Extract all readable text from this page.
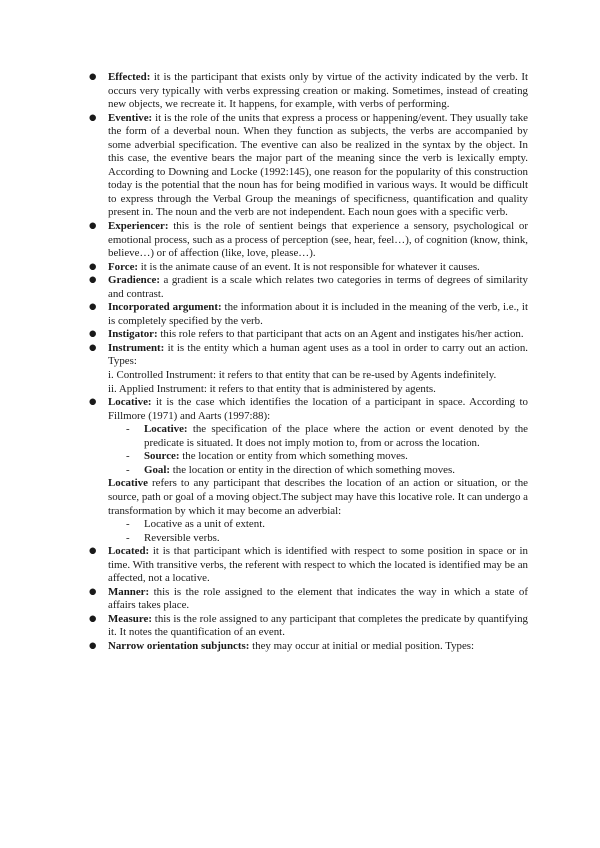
● Effected: it is the participant that exists only by virtue of the activity indicated by the verb. It occurs very typically with verbs expressing creation or making. Sometimes, instead of creating new objects, we recreate it. It happens, for example, with verbs of performing.
● Eventive: it is the role of the units that express a process or happening/event. They usually take the form of a deverbal noun. When they function as subjects, the verbs are accompanied by some adverbial specification. The eventive can also be realized in the syntax by the object. In this case, the eventive bears the major part of the meaning since the verb is lexically empty. According to Downing and Locke (1992:145), one reason for the popularity of this construction today is the potential that the noun has for being modified in various ways. It would be difficult to express through the Verbal Group the meanings of specificness, quantification and quality present in. The noun and the verb are not independent. Each noun goes with a specific verb.
● Experiencer: this is the role of sentient beings that experience a sensory, psychological or emotional process, such as a process of perception (see, hear, feel…), of cognition (know, think, believe…) or of affection (like, love, please…).
● Force: it is the animate cause of an event. It is not responsible for whatever it causes.
● Gradience: a gradient is a scale which relates two categories in terms of degrees of similarity and contrast.
● Incorporated argument: the information about it is included in the meaning of the verb, i.e., it is completely specified by the verb.
● Instigator: this role refers to that participant that acts on an Agent and instigates his/her action.
● Instrument: it is the entity which a human agent uses as a tool in order to carry out an action. Types:
i. Controlled Instrument: it refers to that entity that can be re-used by Agents indefinitely.
ii. Applied Instrument: it refers to that entity that is administered by agents.
● Locative: it is the case which identifies the location of a participant in space. According to Fillmore (1971) and Aarts (1997:88):
- Locative: the specification of the place where the action or event denoted by the predicate is situated. It does not imply motion to, from or across the location.
- Source: the location or entity from which something moves.
- Goal: the location or entity in the direction of which something moves.
Locative refers to any participant that describes the location of an action or situation, or the source, path or goal of a moving object.The subject may have this locative role. It can undergo a transformation by which it may become an adverbial:
- Locative as a unit of extent.
- Reversible verbs.
● Located: it is that participant which is identified with respect to some position in space or in time. With transitive verbs, the referent with respect to which the located is identified may be an affected, not a locative.
● Manner: this is the role assigned to the element that indicates the way in which a state of affairs takes place.
● Measure: this is the role assigned to any participant that completes the predicate by quantifying it. It notes the quantification of an event.
● Narrow orientation subjuncts: they may occur at initial or medial position. Types:
